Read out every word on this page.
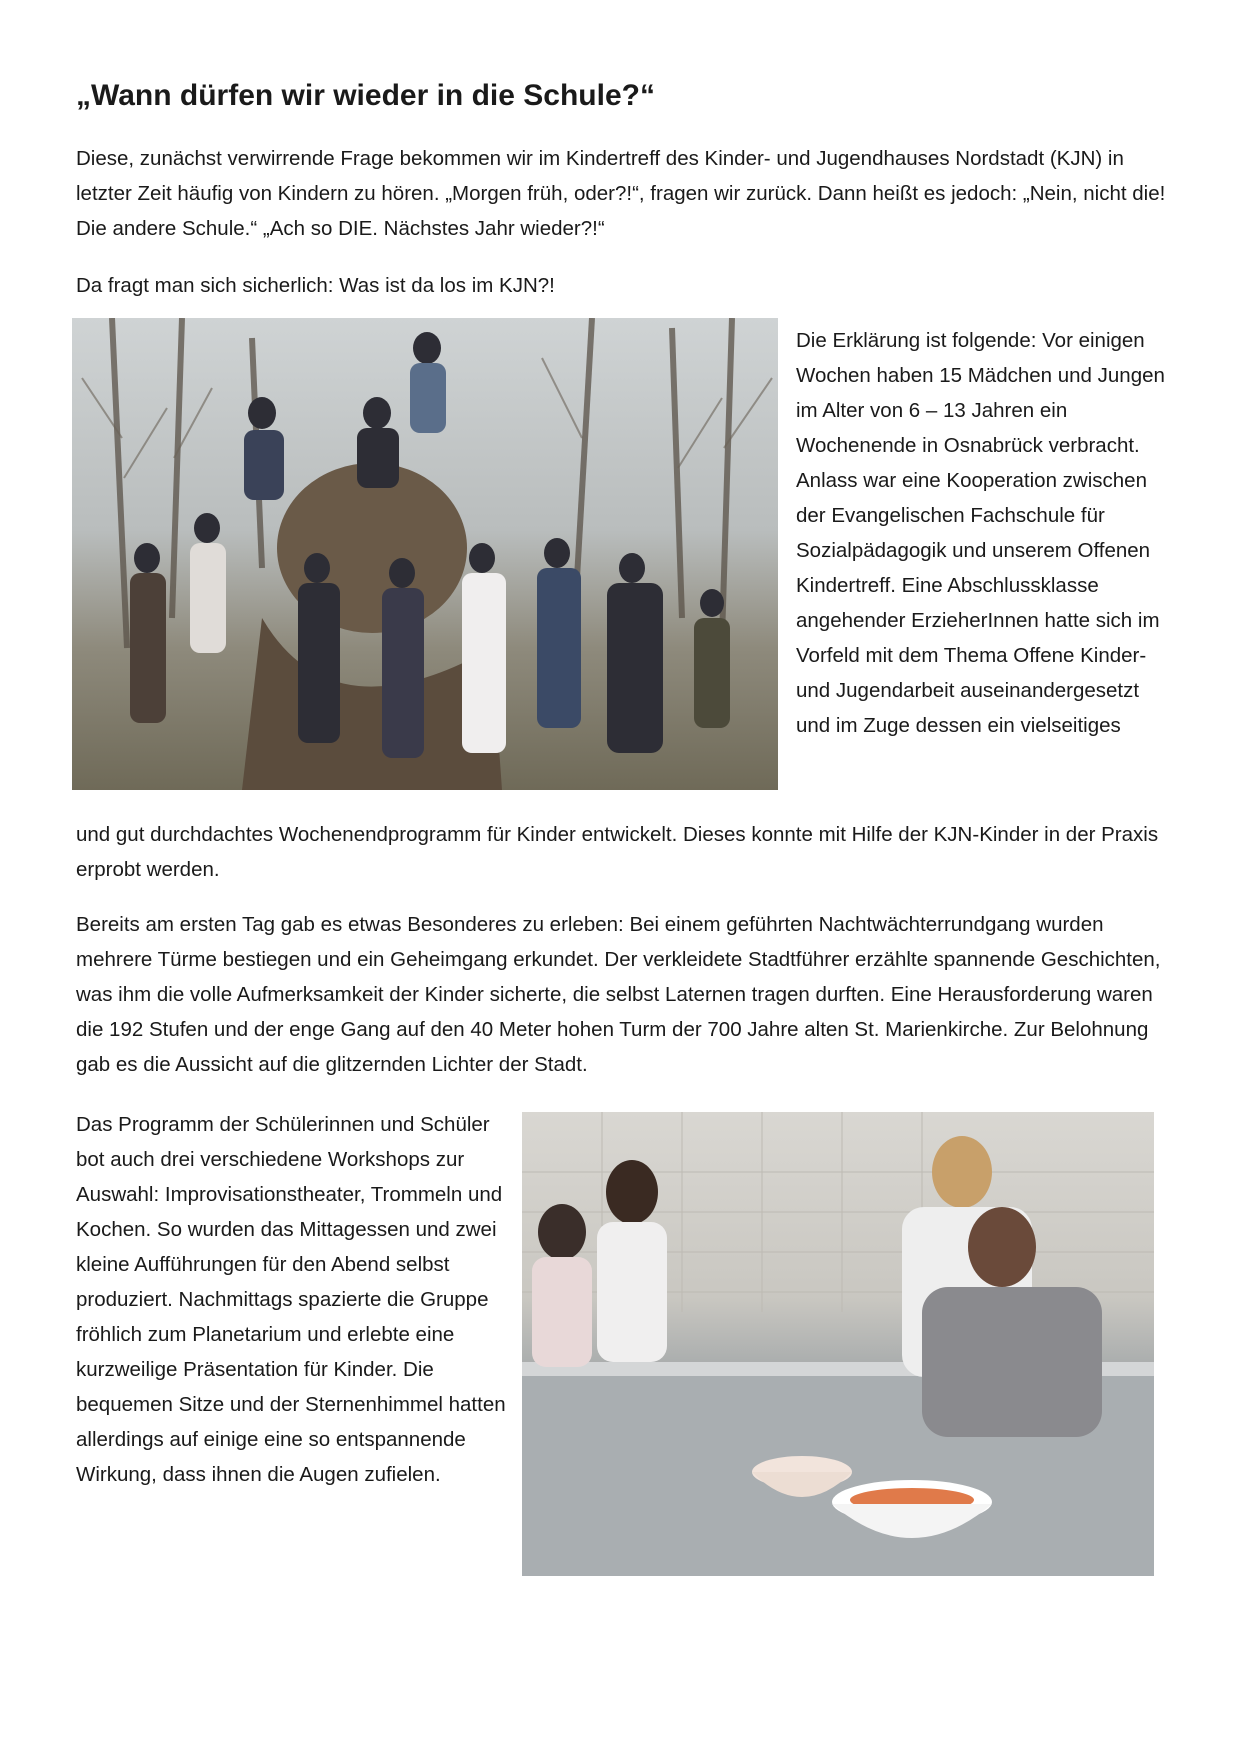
„Wann dürfen wir wieder in die Schule?“

Diese, zunächst verwirrende Frage bekommen wir im Kindertreff des Kinder- und Jugendhauses Nordstadt (KJN) in letzter Zeit häufig von Kindern zu hören. „Morgen früh, oder?!“, fragen wir zurück. Dann heißt es jedoch: „Nein, nicht die! Die andere Schule.“ „Ach so DIE. Nächstes Jahr wieder?!“

Da fragt man sich sicherlich: Was ist da los im KJN?!

Die Erklärung ist folgende: Vor einigen Wochen haben 15 Mädchen und Jungen im Alter von 6 – 13 Jahren ein Wochenende in Osnabrück verbracht. Anlass war eine Kooperation zwischen der Evangelischen Fachschule für Sozialpädagogik und unserem Offenen Kindertreff. Eine Abschlussklasse angehender ErzieherInnen hatte sich im Vorfeld mit dem Thema Offene Kinder- und Jugendarbeit auseinandergesetzt und im Zuge dessen ein vielseitiges

und gut durchdachtes Wochenendprogramm für Kinder entwickelt. Dieses konnte mit Hilfe der KJN-Kinder in der Praxis erprobt werden.

Bereits am ersten Tag gab es etwas Besonderes zu erleben: Bei einem geführten Nachtwächterrundgang wurden mehrere Türme bestiegen und ein Geheimgang erkundet. Der verkleidete Stadtführer erzählte spannende Geschichten, was ihm die volle Aufmerksamkeit der Kinder sicherte, die selbst Laternen tragen durften. Eine Herausforderung waren die 192 Stufen und der enge Gang auf den 40 Meter hohen Turm der 700 Jahre alten St. Marienkirche. Zur Belohnung gab es die Aussicht auf die glitzernden Lichter der Stadt.

Das Programm der Schülerinnen und Schüler bot auch drei verschiedene Workshops zur Auswahl: Improvisationstheater, Trommeln und Kochen. So wurden das Mittagessen und zwei kleine Aufführungen für den Abend selbst produziert. Nachmittags spazierte die Gruppe fröhlich zum Planetarium und erlebte eine kurzweilige Präsentation für Kinder. Die bequemen Sitze und der Sternenhimmel hatten allerdings auf einige eine so entspannende Wirkung, dass ihnen die Augen zufielen.
